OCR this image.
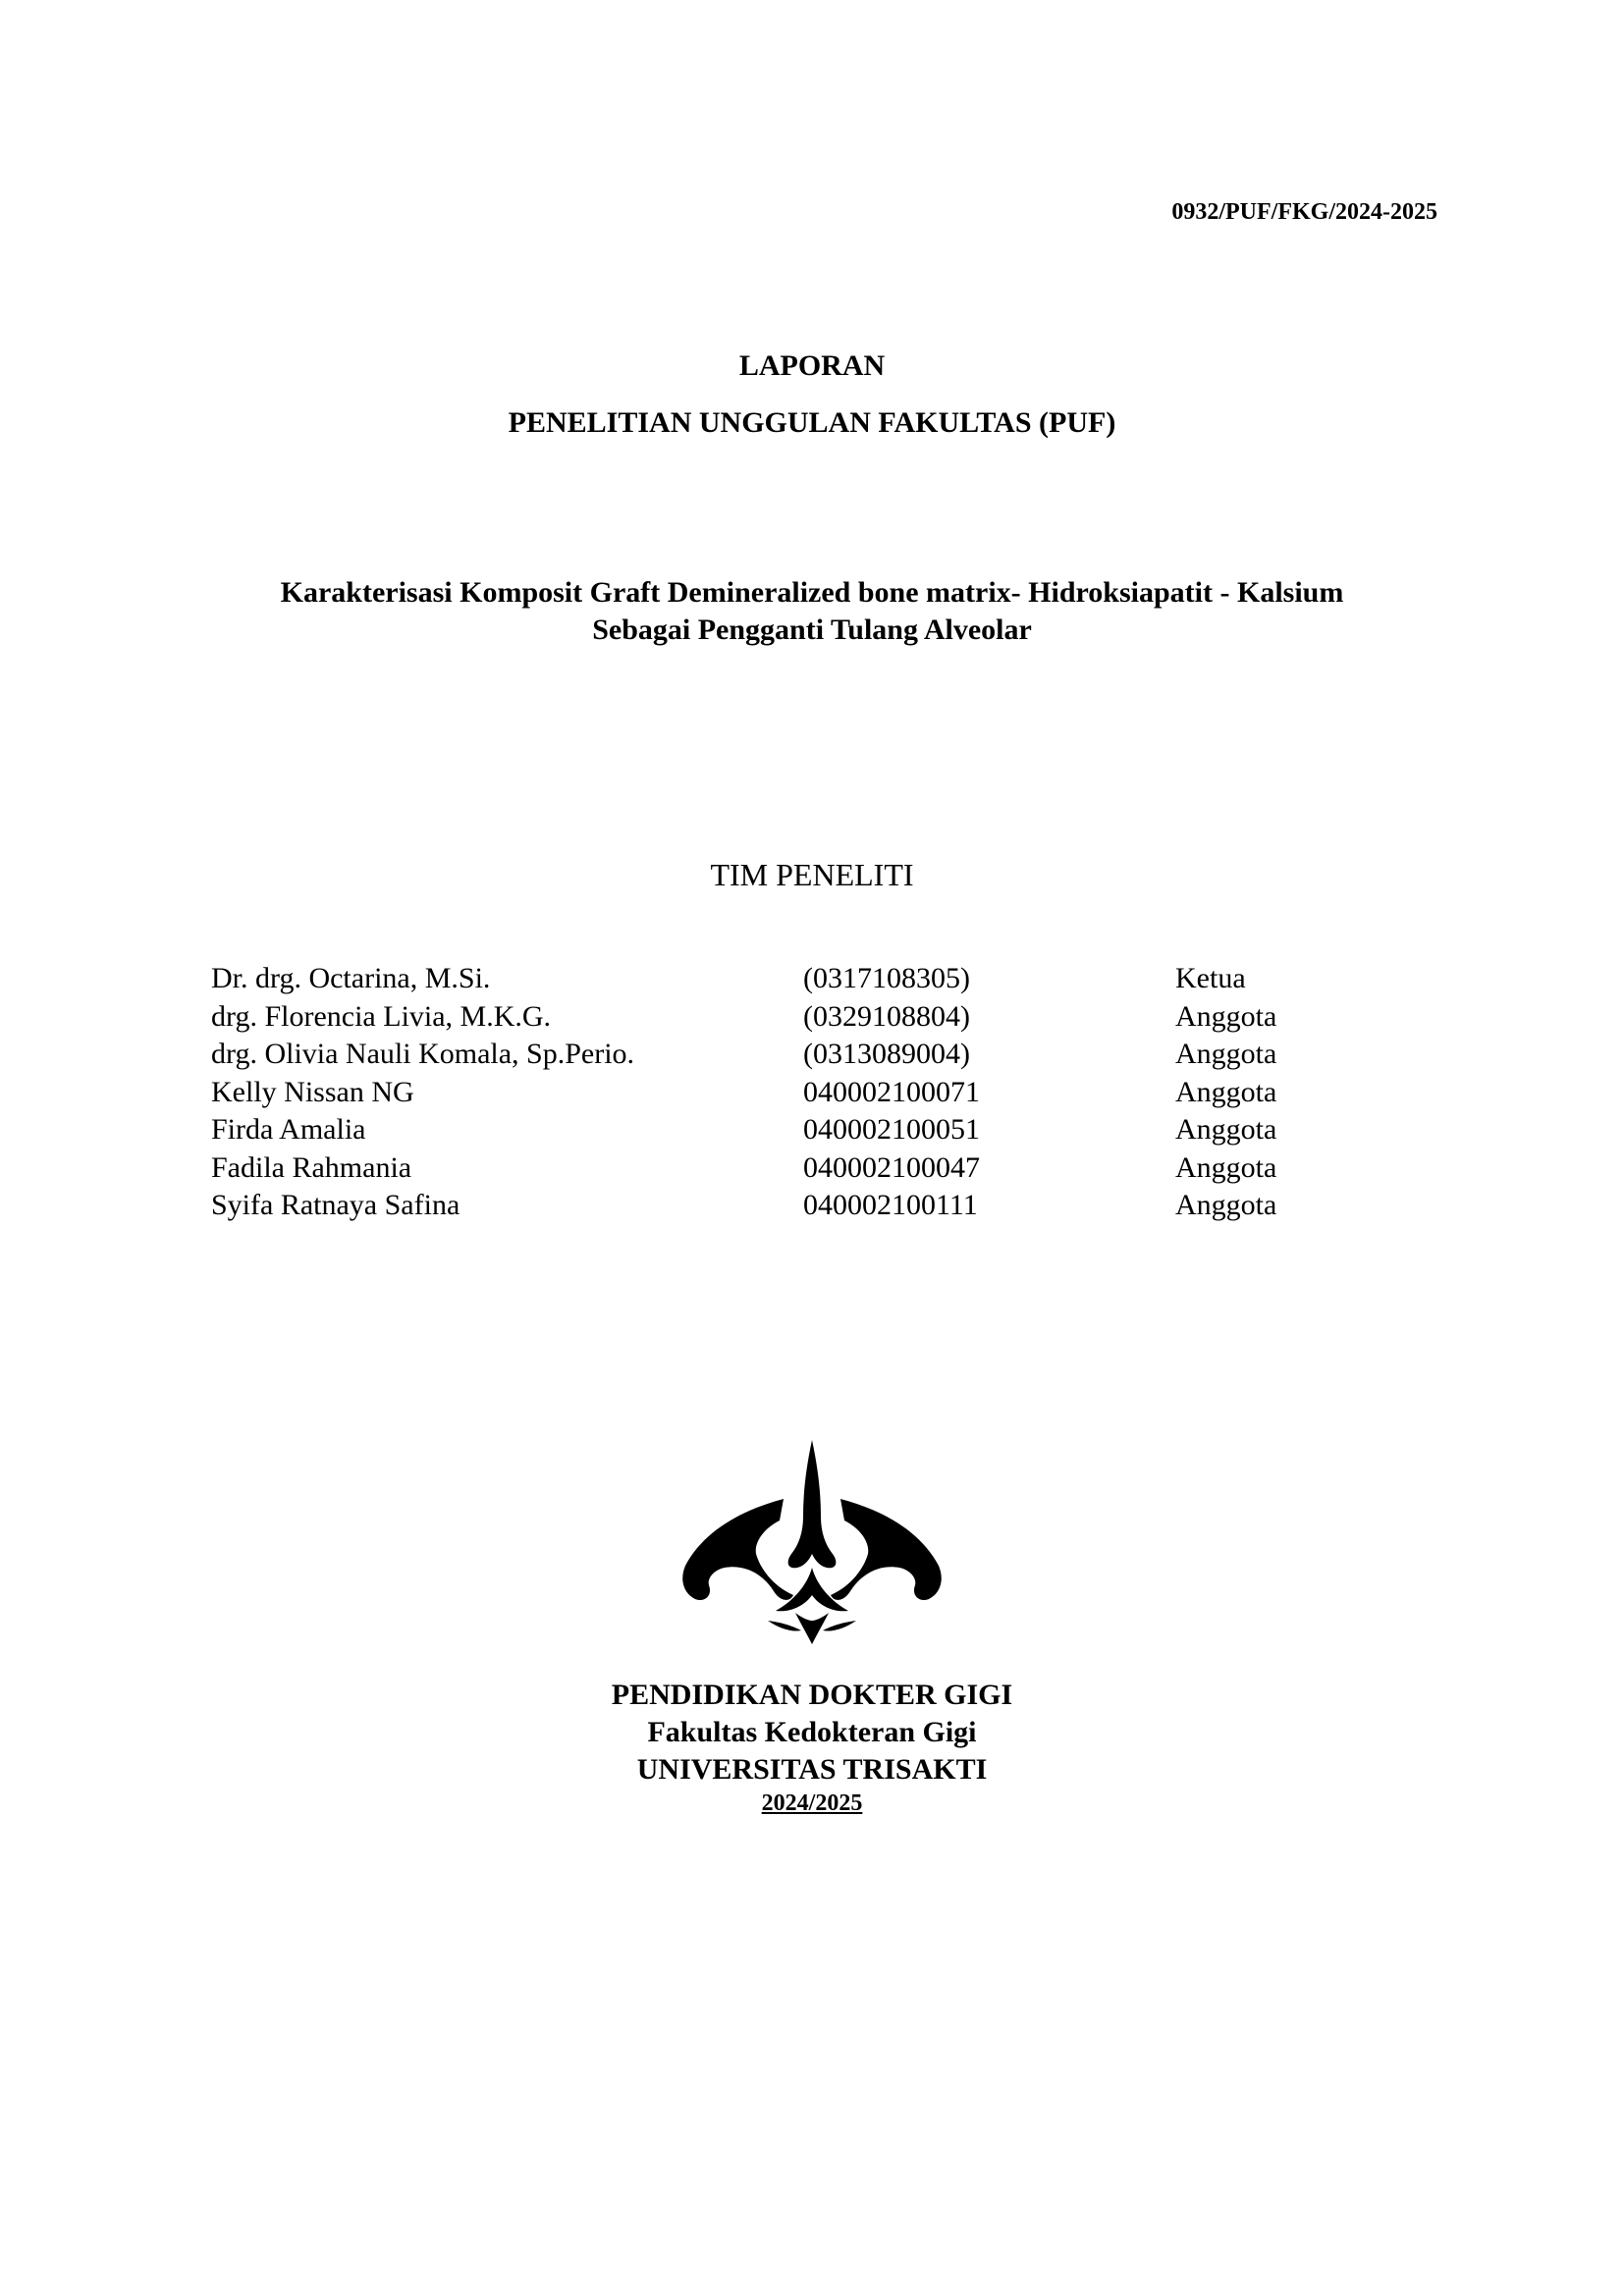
0932/PUF/FKG/2024-2025
LAPORAN
PENELITIAN UNGGULAN FAKULTAS (PUF)
Karakterisasi Komposit Graft Demineralized bone matrix- Hidroksiapatit - Kalsium
Sebagai Pengganti Tulang Alveolar
TIM PENELITI
Dr. drg. Octarina, M.Si.	(0317108305)	Ketua
drg. Florencia Livia, M.K.G.	(0329108804)	Anggota
drg. Olivia Nauli Komala, Sp.Perio.	(0313089004)	Anggota
Kelly Nissan NG	040002100071	Anggota
Firda Amalia	040002100051	Anggota
Fadila Rahmania	040002100047	Anggota
Syifa Ratnaya Safina	040002100111	Anggota
PENDIDIKAN DOKTER GIGI
Fakultas Kedokteran Gigi
UNIVERSITAS TRISAKTI
2024/2025
